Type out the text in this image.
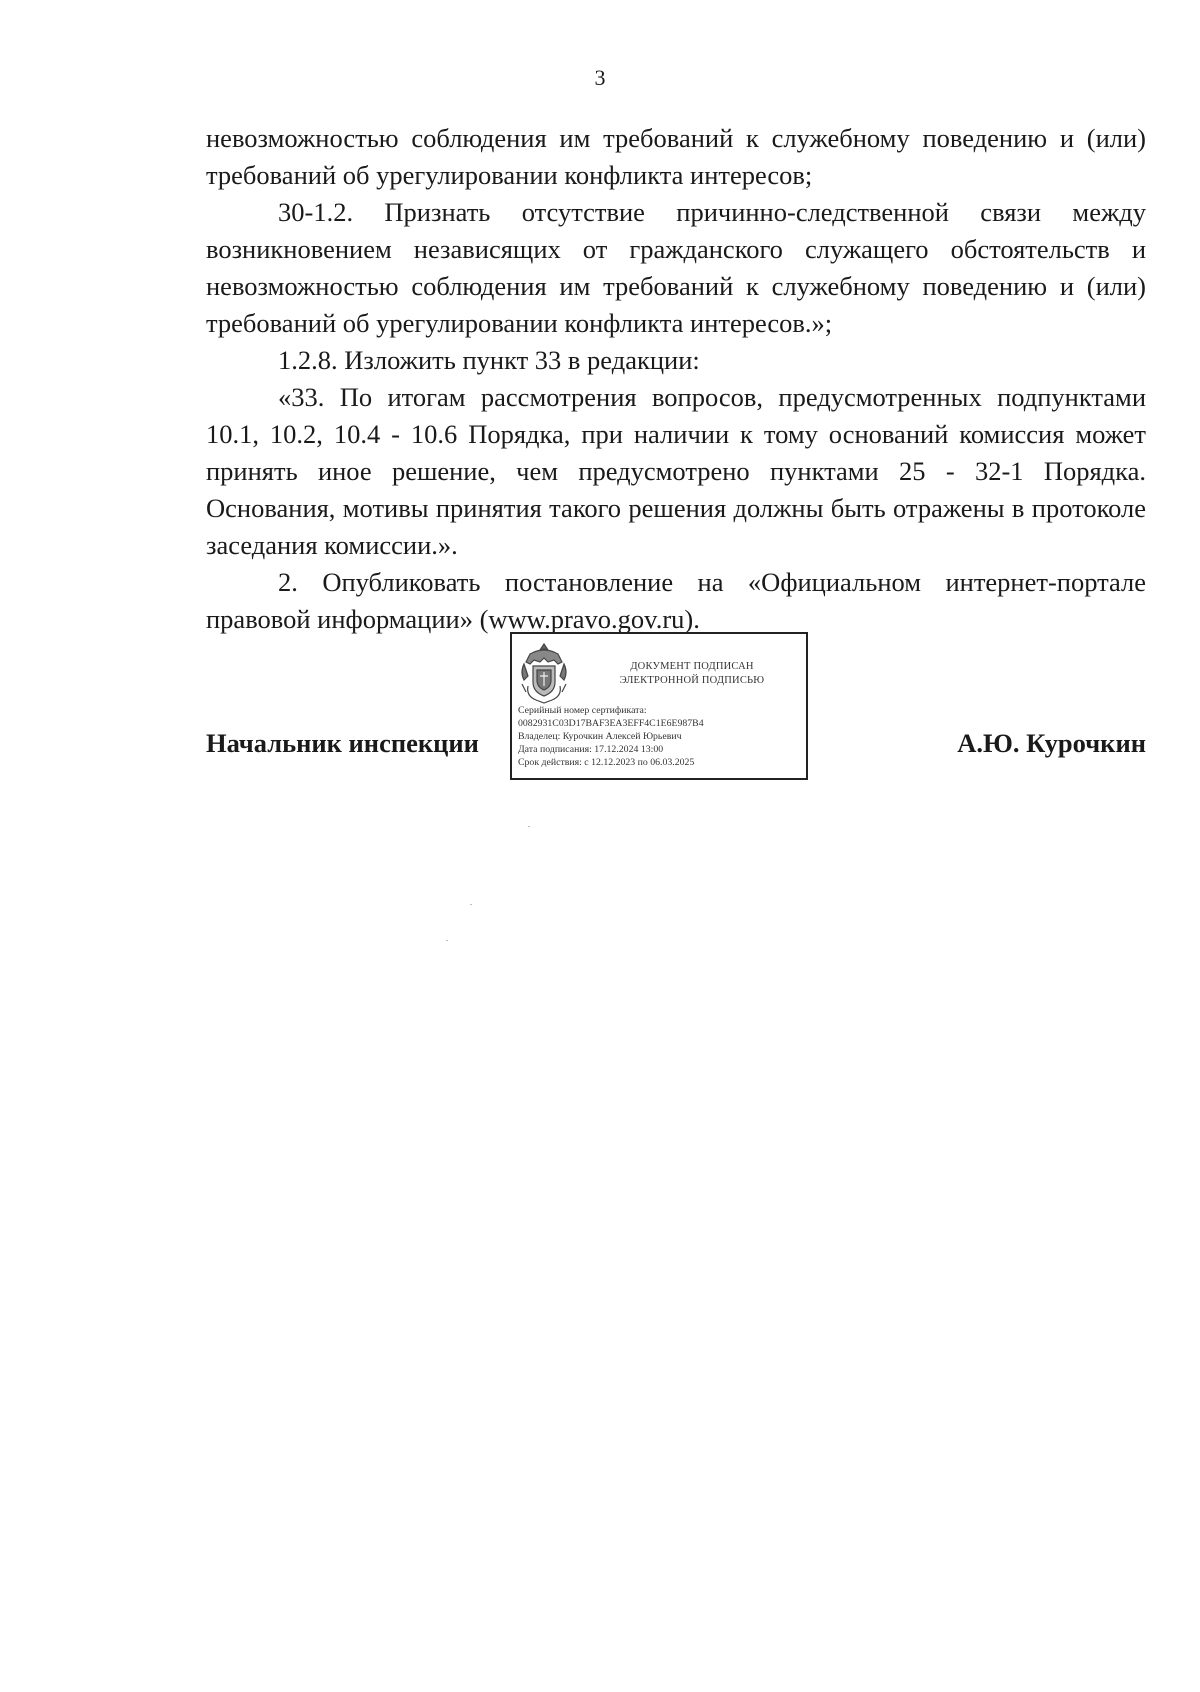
3

невозможностью соблюдения им требований к служебному поведению и (или) требований об урегулировании конфликта интересов;

30-1.2. Признать отсутствие причинно-следственной связи между возникновением независящих от гражданского служащего обстоятельств и невозможностью соблюдения им требований к служебному поведению и (или) требований об урегулировании конфликта интересов.»;

1.2.8. Изложить пункт 33 в редакции:

«33. По итогам рассмотрения вопросов, предусмотренных подпунктами 10.1, 10.2, 10.4 - 10.6 Порядка, при наличии к тому оснований комиссия может принять иное решение, чем предусмотрено пунктами 25 - 32-1 Порядка. Основания, мотивы принятия такого решения должны быть отражены в протоколе заседания комиссии.».

2. Опубликовать постановление на «Официальном интернет-портале правовой информации» (www.pravo.gov.ru).

Начальник инспекции
ДОКУМЕНТ ПОДПИСАН
ЭЛЕКТРОННОЙ ПОДПИСЬЮ
Серийный номер сертификата:
0082931C03D17BAF3EA3EFF4C1E6E987B4
Владелец: Курочкин Алексей Юрьевич
Дата подписания: 17.12.2024 13:00
Срок действия: с 12.12.2023 по 06.03.2025
А.Ю. Курочкин
